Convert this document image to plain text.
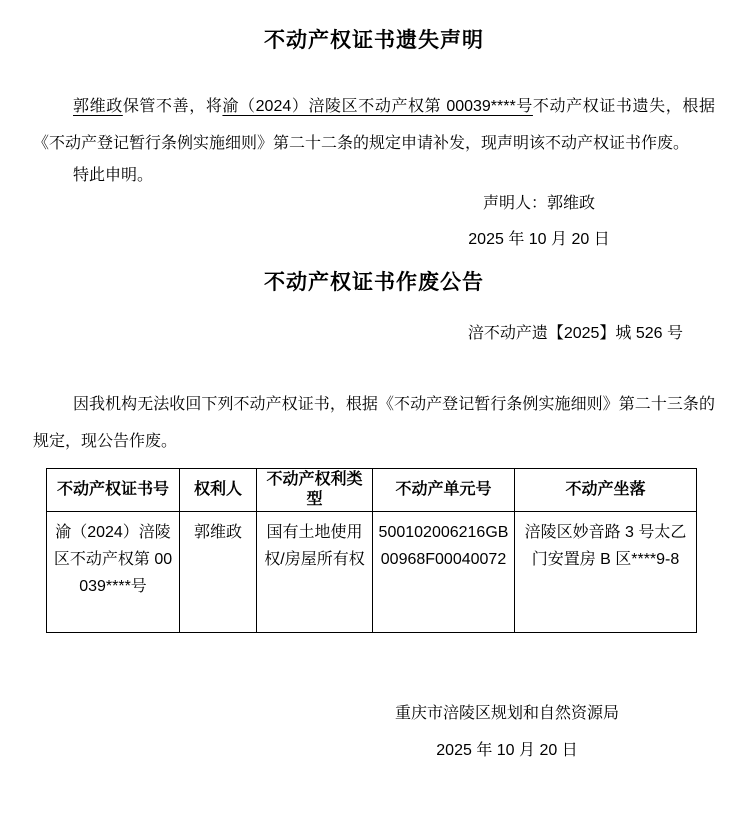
不动产权证书遗失声明

郭维政保管不善，将渝（2024）涪陵区不动产权第 00039****号不动产权证书遗失，根据《不动产登记暂行条例实施细则》第二十二条的规定申请补发，现声明该不动产权证书作废。

特此申明。

声明人：郭维政
2025 年 10 月 20 日
不动产权证书作废公告
涪不动产遗【2025】城 526 号

因我机构无法收回下列不动产权证书，根据《不动产登记暂行条例实施细则》第二十三条的规定，现公告作废。

不动产权证书号	权利人	不动产权利类型	不动产单元号	不动产坐落
渝（2024）涪陵区不动产权第 00039****号	郭维政	国有土地使用权/房屋所有权	500102006216GB00968F00040072	涪陵区妙音路 3 号太乙门安置房 B 区****9-8
重庆市涪陵区规划和自然资源局
2025 年 10 月 20 日
